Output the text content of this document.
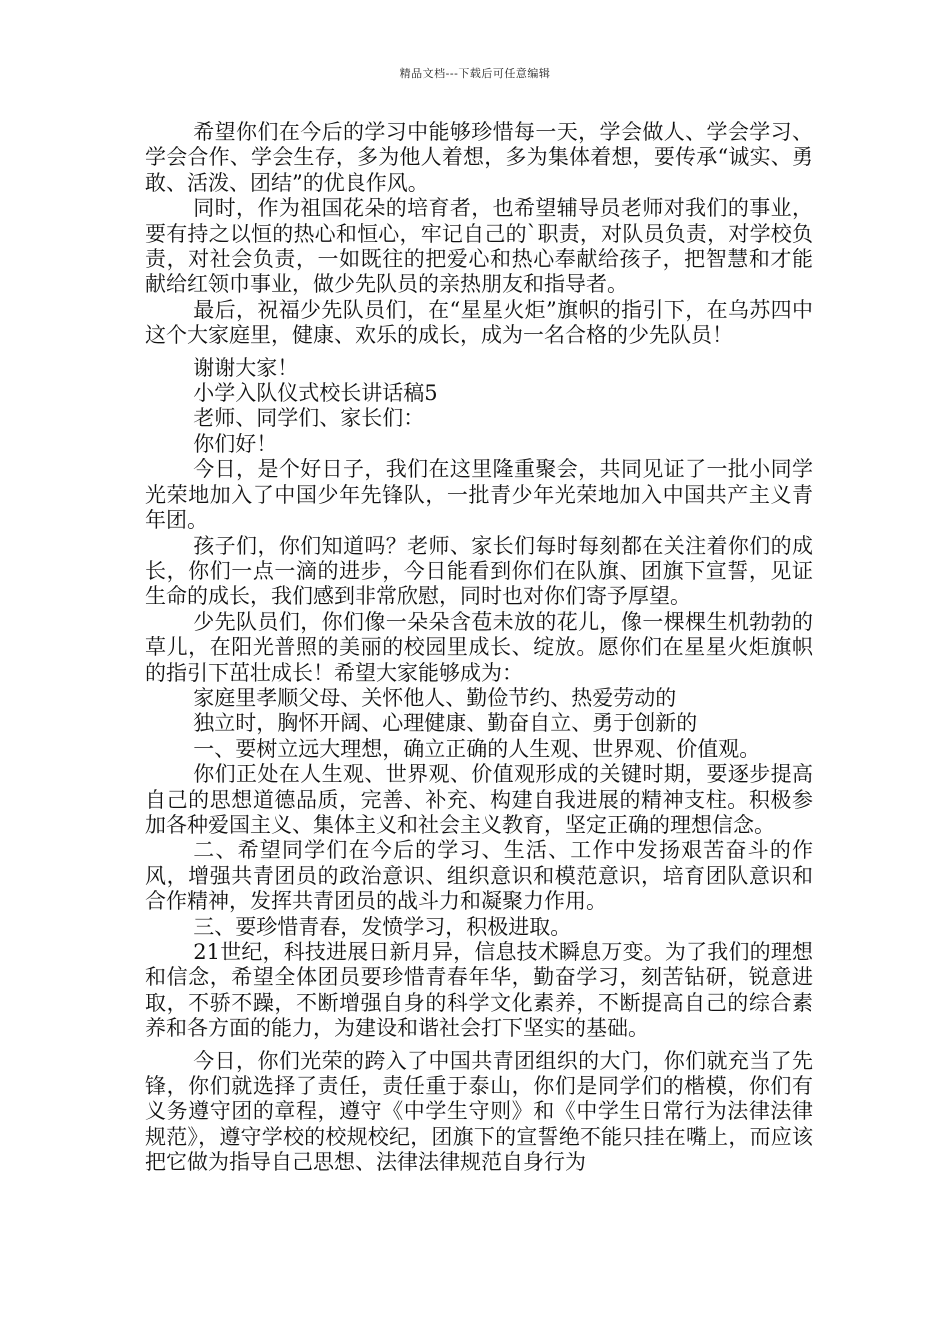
精品文档---下载后可任意编辑

希望你们在今后的学习中能够珍惜每一天，学会做人、学会学习、学会合作、学会生存，多为他人着想，多为集体着想，要传承“诚实、勇敢、活泼、团结”的优良作风。

同时，作为祖国花朵的培育者，也希望辅导员老师对我们的事业，要有持之以恒的热心和恒心，牢记自己的`职责，对队员负责，对学校负责，对社会负责，一如既往的把爱心和热心奉献给孩子，把智慧和才能献给红领巾事业，做少先队员的亲热朋友和指导者。

最后，祝福少先队员们，在“星星火炬”旗帜的指引下，在乌苏四中这个大家庭里，健康、欢乐的成长，成为一名合格的少先队员！

谢谢大家！

小学入队仪式校长讲话稿5

老师、同学们、家长们：

你们好！

今日，是个好日子，我们在这里隆重聚会，共同见证了一批小同学光荣地加入了中国少年先锋队，一批青少年光荣地加入中国共产主义青年团。

孩子们，你们知道吗？老师、家长们每时每刻都在关注着你们的成长，你们一点一滴的进步，今日能看到你们在队旗、团旗下宣誓，见证生命的成长，我们感到非常欣慰，同时也对你们寄予厚望。

少先队员们，你们像一朵朵含苞未放的花儿，像一棵棵生机勃勃的草儿，在阳光普照的美丽的校园里成长、绽放。愿你们在星星火炬旗帜的指引下茁壮成长！希望大家能够成为：

家庭里孝顺父母、关怀他人、勤俭节约、热爱劳动的

独立时，胸怀开阔、心理健康、勤奋自立、勇于创新的

一、要树立远大理想，确立正确的人生观、世界观、价值观。

你们正处在人生观、世界观、价值观形成的关键时期，要逐步提高自己的思想道德品质，完善、补充、构建自我进展的精神支柱。积极参加各种爱国主义、集体主义和社会主义教育，坚定正确的理想信念。

二、希望同学们在今后的学习、生活、工作中发扬艰苦奋斗的作风，增强共青团员的政治意识、组织意识和模范意识，培育团队意识和合作精神，发挥共青团员的战斗力和凝聚力作用。

三、要珍惜青春，发愤学习，积极进取。

21世纪，科技进展日新月异，信息技术瞬息万变。为了我们的理想和信念，希望全体团员要珍惜青春年华，勤奋学习，刻苦钻研，锐意进取，不骄不躁，不断增强自身的科学文化素养，不断提高自己的综合素养和各方面的能力，为建设和谐社会打下坚实的基础。

今日，你们光荣的跨入了中国共青团组织的大门，你们就充当了先锋，你们就选择了责任，责任重于泰山，你们是同学们的楷模，你们有义务遵守团的章程，遵守《中学生守则》和《中学生日常行为法律法律规范》，遵守学校的校规校纪，团旗下的宣誓绝不能只挂在嘴上，而应该把它做为指导自己思想、法律法律规范自身行为
